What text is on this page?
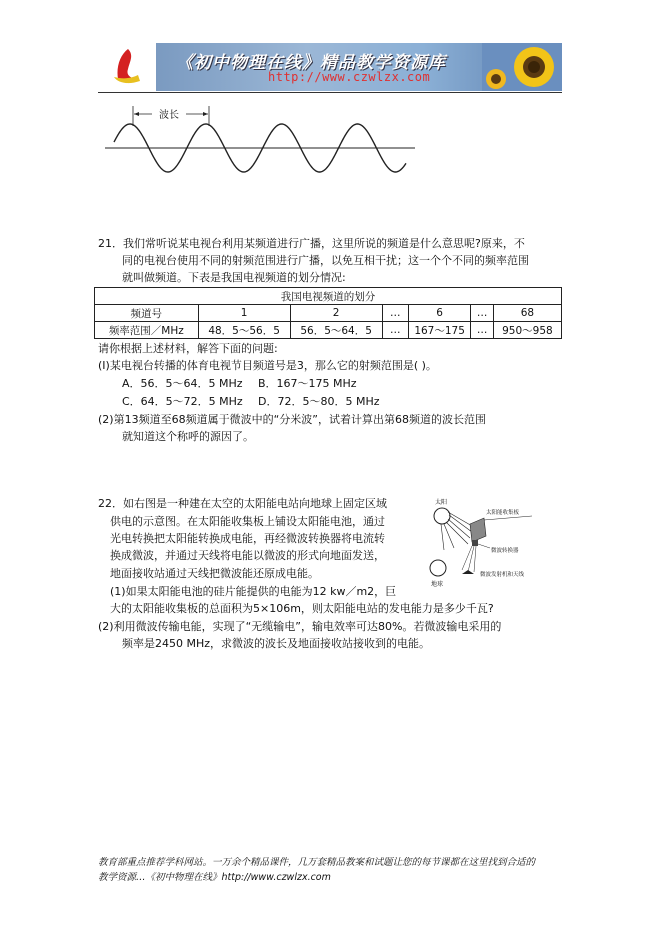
《初中物理在线》精品教学资源库
http://www.czwlzx.com
波长
21．我们常听说某电视台利用某频道进行广播，这里所说的频道是什么意思呢?原来，不
同的电视台使用不同的射频范围进行广播，以免互相干扰；这一个个不同的频率范围
就叫做频道。下表是我国电视频道的划分情况:
我国电视频道的划分						
频道号	1	2	…	6	…	68
频率范围／MHz	48．5～56．5	56．5～64．5	…	167～175	…	950～958
请你根据上述材料，解答下面的问题:
(I)某电视台转播的体育电视节目频道号是3，那么它的射频范围是( )。
A．56．5～64．5 MHz B．167～175 MHz
C．64．5～72．5 MHz D．72．5～80．5 MHz
(2)第13频道至68频道属于微波中的“分米波”，试着计算出第68频道的波长范围
就知道这个称呼的源因了。
22．如右图是一种建在太空的太阳能电站向地球上固定区域
供电的示意图。在太阳能收集板上铺设太阳能电池，通过
光电转换把太阳能转换成电能，再经微波转换器将电流转
换成微波，并通过天线将电能以微波的形式向地面发送，
地面接收站通过天线把微波能还原成电能。
(1)如果太阳能电池的硅片能提供的电能为12 kw／m2，巨
大的太阳能收集板的总面积为5×106m，则太阳能电站的发电能力是多少千瓦?
(2)利用微波传输电能，实现了“无缆输电”，输电效率可达80%。若微波输电采用的
频率是2450 MHz，求微波的波长及地面接收站接收到的电能。
太阳
太阳能收集板
微波转换器
地球
微波发射机和天线
教育部重点推荐学科网站。一万余个精品课件，几万套精品教案和试题让您的每节课都在这里找到合适的
教学资源…《初中物理在线》http://www.czwlzx.com
